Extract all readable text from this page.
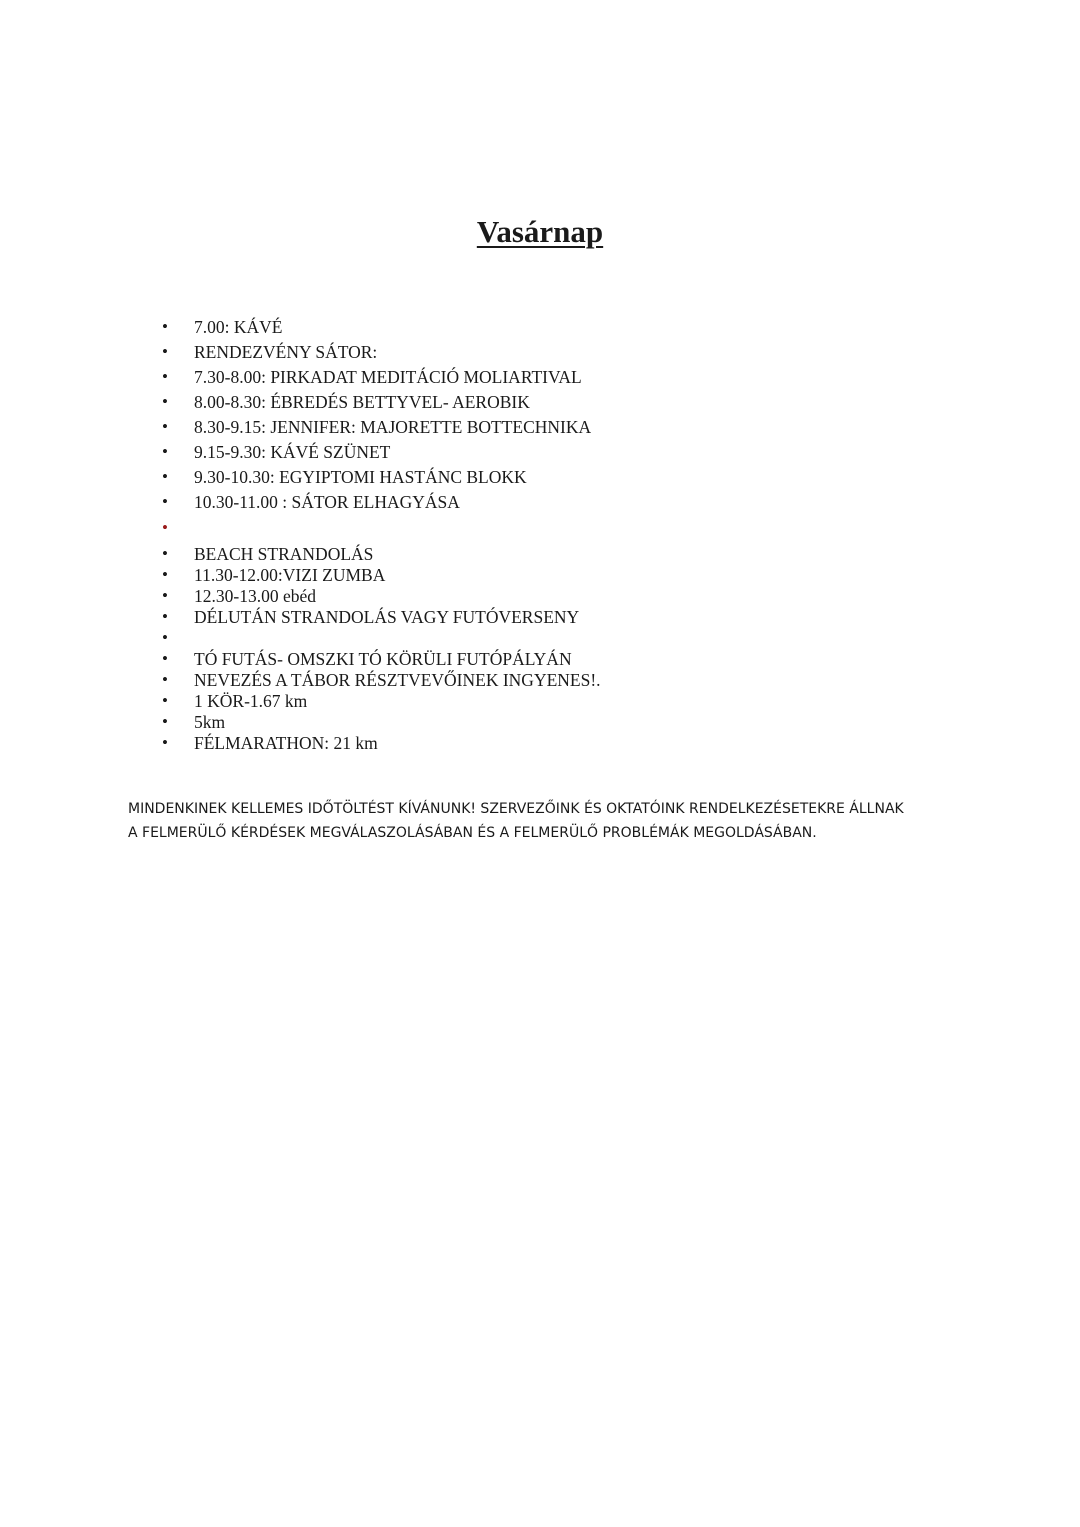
Vasárnap
• 7.00: KÁVÉ
• RENDEZVÉNY SÁTOR:
• 7.30-8.00: PIRKADAT MEDITÁCIÓ MOLIARTIVAL
• 8.00-8.30: ÉBREDÉS BETTYVEL- AEROBIK
• 8.30-9.15: JENNIFER: MAJORETTE BOTTECHNIKA
• 9.15-9.30: KÁVÉ SZÜNET
• 9.30-10.30: EGYIPTOMI HASTÁNC BLOKK
• 10.30-11.00 : SÁTOR ELHAGYÁSA
•
• BEACH STRANDOLÁS
• 11.30-12.00:VIZI ZUMBA
• 12.30-13.00 ebéd
• DÉLUTÁN STRANDOLÁS VAGY FUTÓVERSENY
•
• TÓ FUTÁS- OMSZKI TÓ KÖRÜLI FUTÓPÁLYÁN
• NEVEZÉS A TÁBOR RÉSZTVEVŐINEK INGYENES!.
• 1 KÖR-1.67 km
• 5km
• FÉLMARATHON: 21 km

MINDENKINEK KELLEMES IDŐTÖLTÉST KÍVÁNUNK! SZERVEZŐINK ÉS OKTATÓINK RENDELKEZÉSETEKRE ÁLLNAK
A FELMERÜLŐ KÉRDÉSEK MEGVÁLASZOLÁSÁBAN ÉS A FELMERÜLŐ PROBLÉMÁK MEGOLDÁSÁBAN.
